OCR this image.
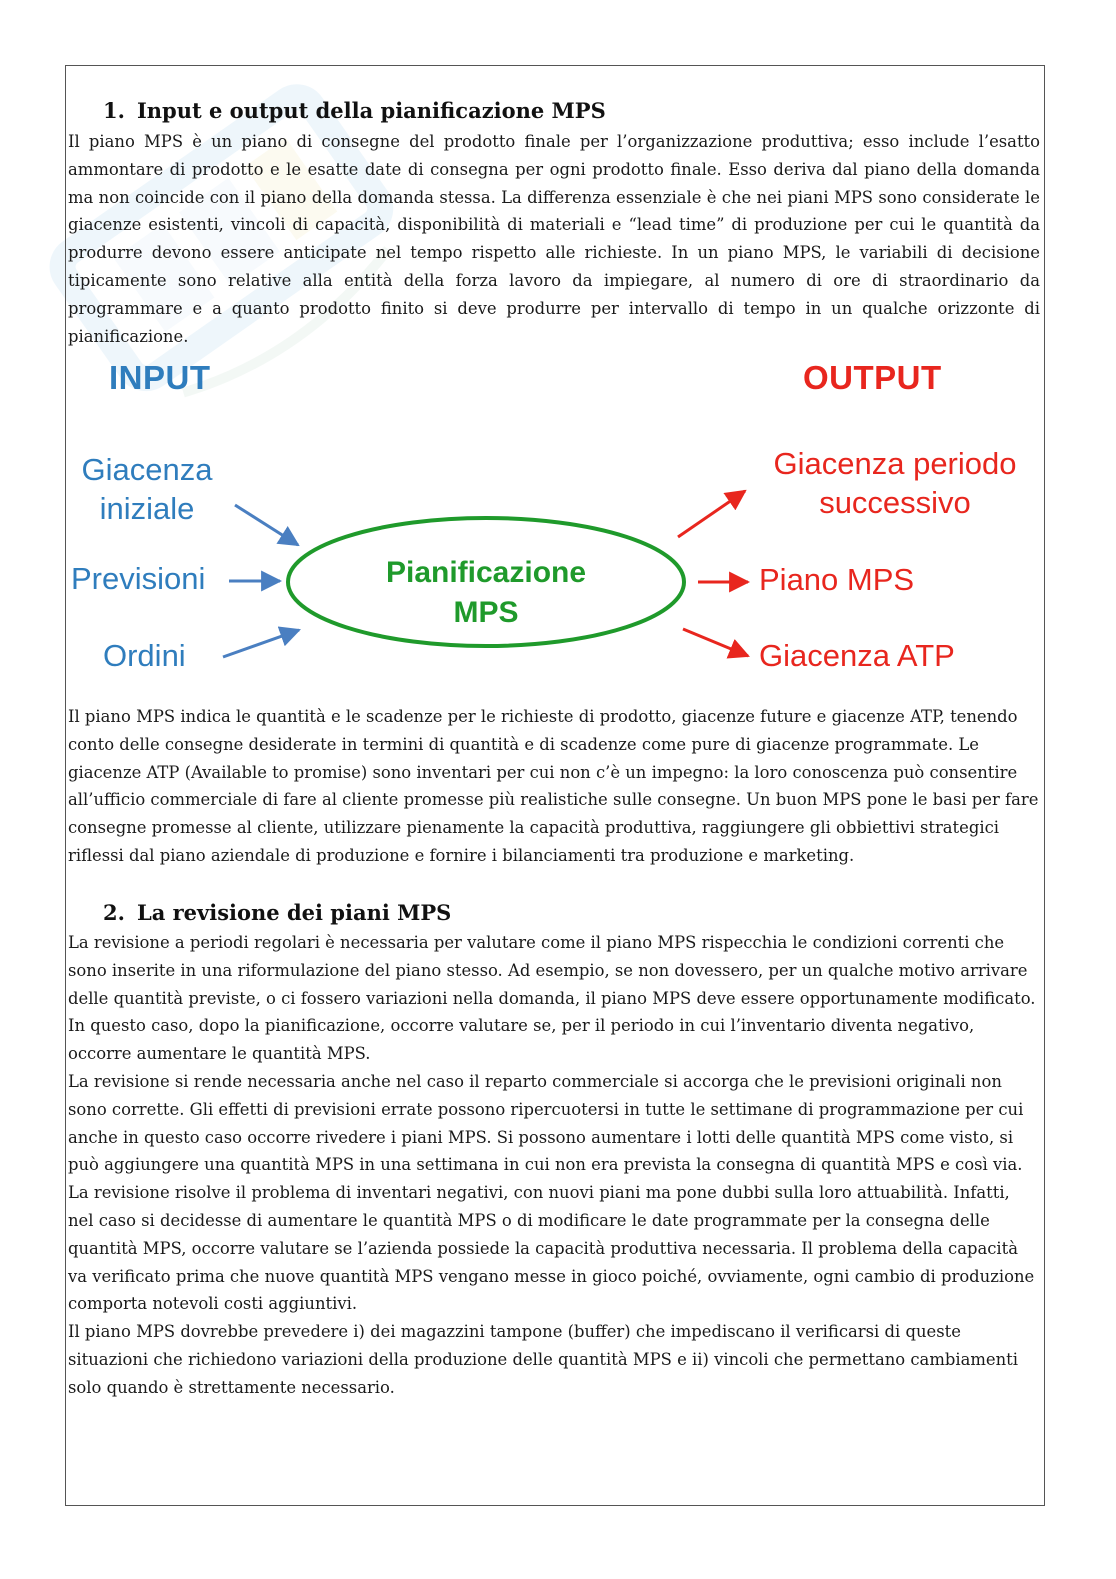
1. Input e output della pianificazione MPS

Il piano MPS è un piano di consegne del prodotto finale per l’organizzazione produttiva; esso include l’esatto ammontare di prodotto e le esatte date di consegna per ogni prodotto finale. Esso deriva dal piano della domanda ma non coincide con il piano della domanda stessa. La differenza essenziale è che nei piani MPS sono considerate le giacenze esistenti, vincoli di capacità, disponibilità di materiali e “lead time” di produzione per cui le quantità da produrre devono essere anticipate nel tempo rispetto alle richieste. In un piano MPS, le variabili di decisione tipicamente sono relative alla entità della forza lavoro da impiegare, al numero di ore di straordinario da programmare e a quanto prodotto finito si deve produrre per intervallo di tempo in un qualche orizzonte di pianificazione.

INPUT	OUTPUT
Giacenza
iniziale
Previsioni
Ordini
Pianificazione
MPS
Giacenza periodo
successivo
Piano MPS
Giacenza ATP

Il piano MPS indica le quantità e le scadenze per le richieste di prodotto, giacenze future e giacenze ATP, tenendo conto delle consegne desiderate in termini di quantità e di scadenze come pure di giacenze programmate. Le giacenze ATP (Available to promise) sono inventari per cui non c’è un impegno: la loro conoscenza può consentire all’ufficio commerciale di fare al cliente promesse più realistiche sulle consegne. Un buon MPS pone le basi per fare consegne promesse al cliente, utilizzare pienamente la capacità produttiva, raggiungere gli obbiettivi strategici riflessi dal piano aziendale di produzione e fornire i bilanciamenti tra produzione e marketing.

2. La revisione dei piani MPS

La revisione a periodi regolari è necessaria per valutare come il piano MPS rispecchia le condizioni correnti che sono inserite in una riformulazione del piano stesso. Ad esempio, se non dovessero, per un qualche motivo arrivare delle quantità previste, o ci fossero variazioni nella domanda, il piano MPS deve essere opportunamente modificato. In questo caso, dopo la pianificazione, occorre valutare se, per il periodo in cui l’inventario diventa negativo, occorre aumentare le quantità MPS.

La revisione si rende necessaria anche nel caso il reparto commerciale si accorga che le previsioni originali non sono corrette. Gli effetti di previsioni errate possono ripercuotersi in tutte le settimane di programmazione per cui anche in questo caso occorre rivedere i piani MPS. Si possono aumentare i lotti delle quantità MPS come visto, si può aggiungere una quantità MPS in una settimana in cui non era prevista la consegna di quantità MPS e così via.

La revisione risolve il problema di inventari negativi, con nuovi piani ma pone dubbi sulla loro attuabilità. Infatti, nel caso si decidesse di aumentare le quantità MPS o di modificare le date programmate per la consegna delle quantità MPS, occorre valutare se l’azienda possiede la capacità produttiva necessaria. Il problema della capacità va verificato prima che nuove quantità MPS vengano messe in gioco poiché, ovviamente, ogni cambio di produzione comporta notevoli costi aggiuntivi.

Il piano MPS dovrebbe prevedere i) dei magazzini tampone (buffer) che impediscano il verificarsi di queste situazioni che richiedono variazioni della produzione delle quantità MPS e ii) vincoli che permettano cambiamenti solo quando è strettamente necessario.
